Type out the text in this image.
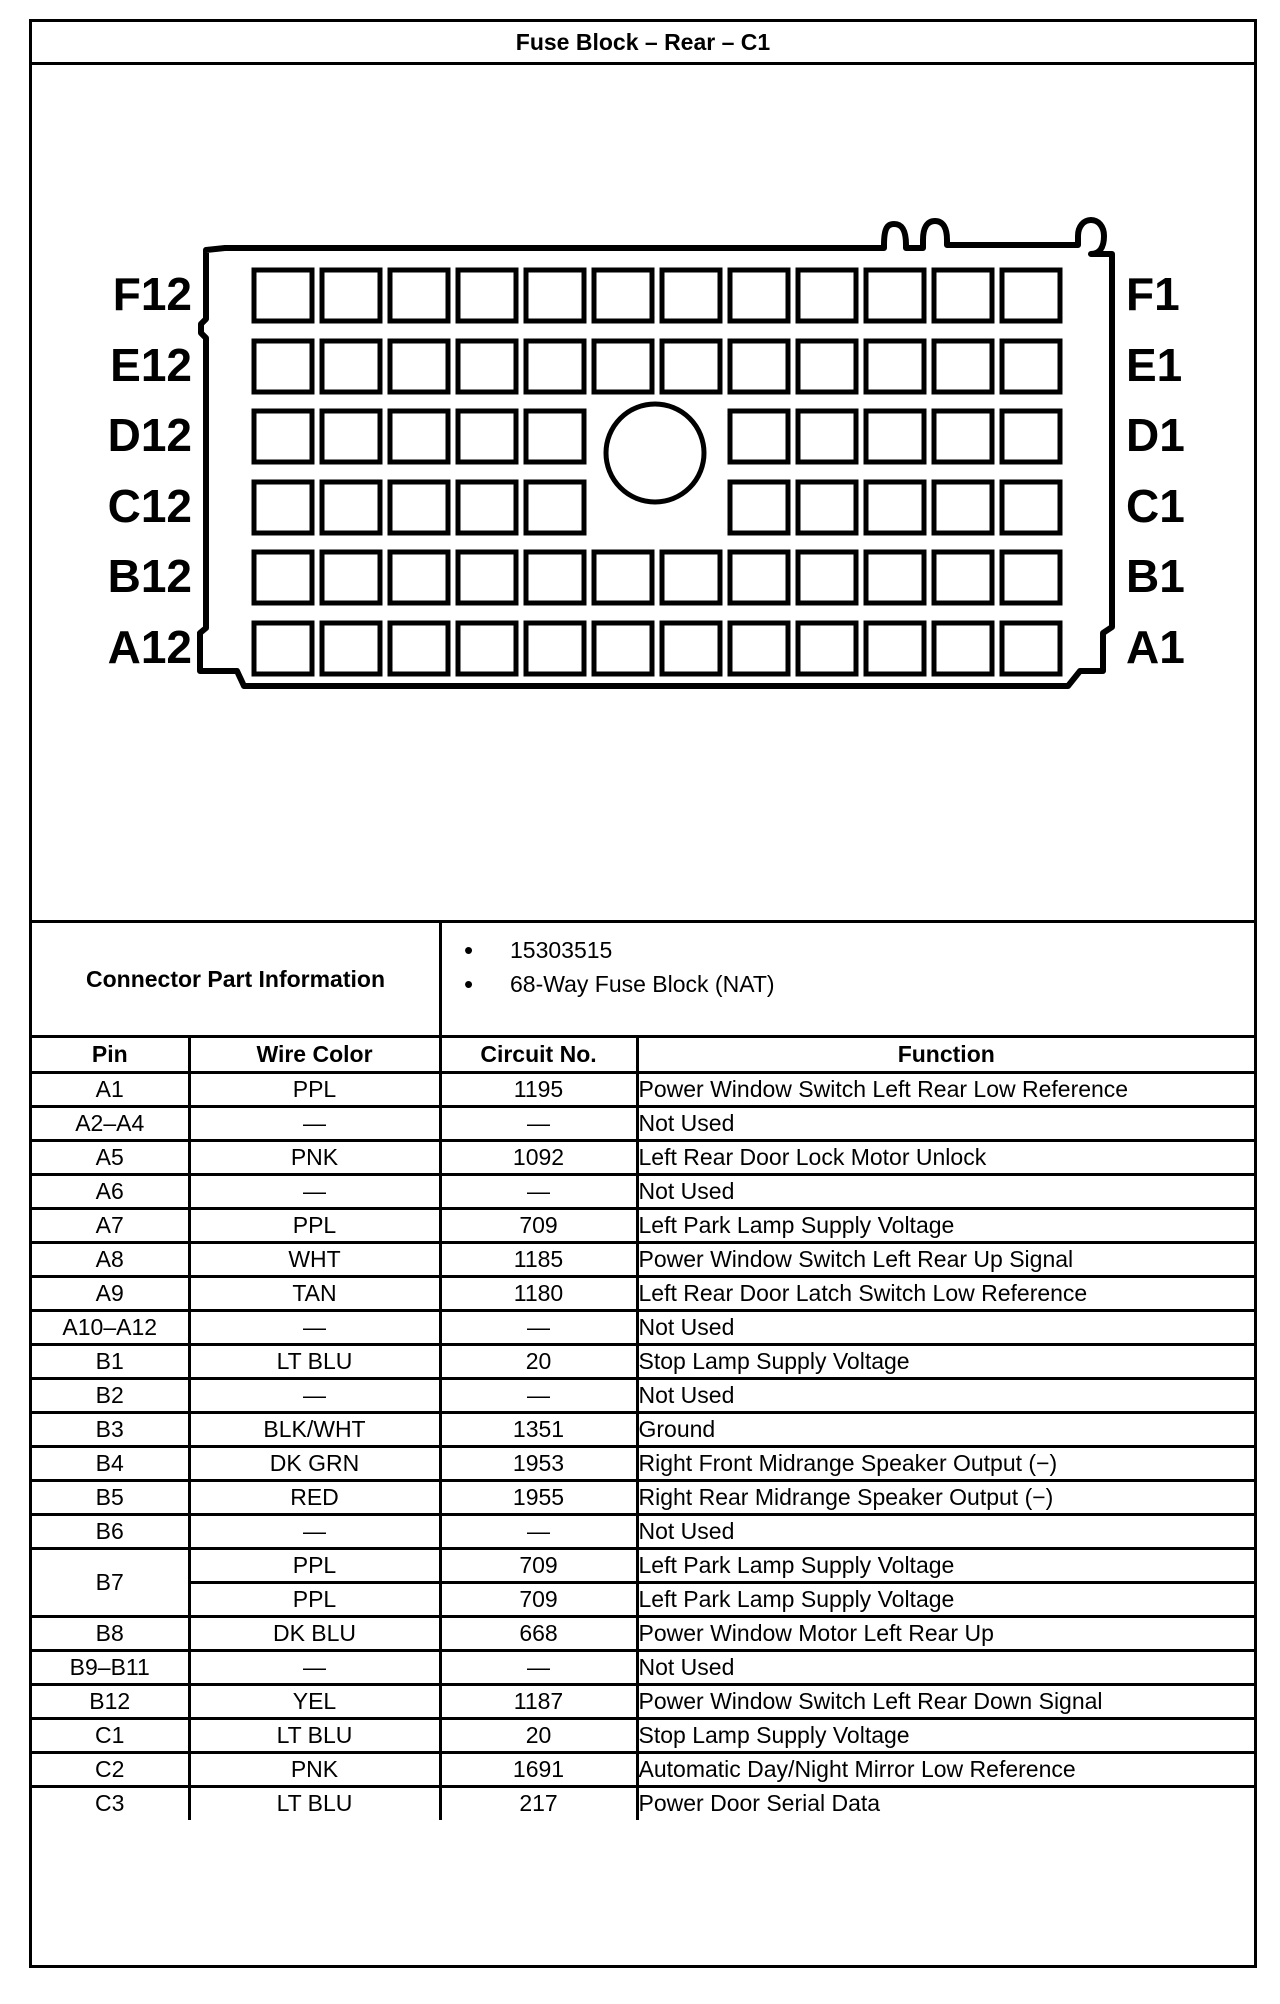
Fuse Block – Rear – C1
F12
E12
D12
C12
B12
A12
F1
E1
D1
C1
B1
A1
Connector Part Information
• 15303515
• 68-Way Fuse Block (NAT)
Pin	Wire Color	Circuit No.	Function
A1	PPL	1195	Power Window Switch Left Rear Low Reference
A2–A4	—	—	Not Used
A5	PNK	1092	Left Rear Door Lock Motor Unlock
A6	—	—	Not Used
A7	PPL	709	Left Park Lamp Supply Voltage
A8	WHT	1185	Power Window Switch Left Rear Up Signal
A9	TAN	1180	Left Rear Door Latch Switch Low Reference
A10–A12	—	—	Not Used
B1	LT BLU	20	Stop Lamp Supply Voltage
B2	—	—	Not Used
B3	BLK/WHT	1351	Ground
B4	DK GRN	1953	Right Front Midrange Speaker Output (−)
B5	RED	1955	Right Rear Midrange Speaker Output (−)
B6	—	—	Not Used
B7	PPL	709	Left Park Lamp Supply Voltage
	PPL	709	Left Park Lamp Supply Voltage
B8	DK BLU	668	Power Window Motor Left Rear Up
B9–B11	—	—	Not Used
B12	YEL	1187	Power Window Switch Left Rear Down Signal
C1	LT BLU	20	Stop Lamp Supply Voltage
C2	PNK	1691	Automatic Day/Night Mirror Low Reference
C3	LT BLU	217	Power Door Serial Data
